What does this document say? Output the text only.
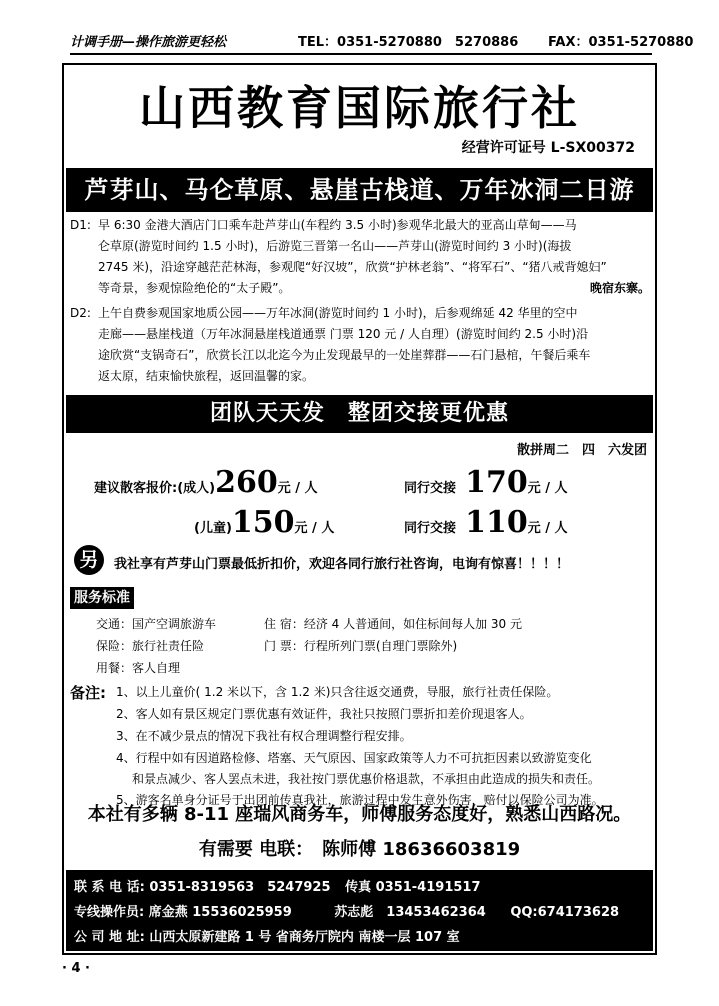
计调手册—操作旅游更轻松	TEL：0351-5270880　5270886 FAX：0351-5270880
山西教育国际旅行社
经营许可证号 L-SX00372
芦芽山、马仑草原、悬崖古栈道、万年冰洞二日游
D1: 早 6:30 金港大酒店门口乘车赴芦芽山(车程约 3.5 小时)参观华北最大的亚高山草甸——马
仑草原(游览时间约 1.5 小时)，后游览三晋第一名山——芦芽山(游览时间约 3 小时)(海拔
2745 米)，沿途穿越茫茫林海，参观爬“好汉坡”，欣赏“护林老翁”、“将军石”、“猪八戒背媳妇”
等奇景，参观惊险绝伦的“太子殿”。	晚宿东寨。
D2: 上午自费参观国家地质公园——万年冰洞(游览时间约 1 小时)，后参观绵延 42 华里的空中
走廊——悬崖栈道（万年冰洞悬崖栈道通票 门票 120 元 / 人自理）(游览时间约 2.5 小时)沿
途欣赏“支锅奇石”，欣赏长江以北迄今为止发现最早的一处崖葬群——石门悬棺，午餐后乘车
返太原，结束愉快旅程，返回温馨的家。
团队天天发　整团交接更优惠
散拼周二　四　六发团
建议散客报价:(成人)260元 / 人	同行交接 170元 / 人
(儿童)150元 / 人	同行交接 110元 / 人
另	我社享有芦芽山门票最低折扣价，欢迎各同行旅行社咨询，电询有惊喜！！！！
服务标准
交通：国产空调旅游车	住 宿：经济 4 人普通间，如住标间每人加 30 元
保险：旅行社责任险	门 票：行程所列门票(自理门票除外)
用餐：客人自理
备注: 1、以上儿童价( 1.2 米以下，含 1.2 米)只含往返交通费，导服，旅行社责任保险。
2、客人如有景区规定门票优惠有效证件，我社只按照门票折扣差价现退客人。
3、在不减少景点的情况下我社有权合理调整行程安排。
4、行程中如有因道路检修、塔塞、天气原因、国家政策等人力不可抗拒因素以致游览变化
和景点减少、客人罢点未进，我社按门票优惠价格退款，不承担由此造成的损失和责任。
5、游客名单身分证号于出团前传真我社，旅游过程中发生意外伤害，赔付以保险公司为准。
本社有多辆 8-11 座瑞风商务车，师傅服务态度好，熟悉山西路况。
有需要 电联：　陈师傅 18636603819
联 系 电 话: 0351-8319563　5247925 传真 0351-4191517
专线操作员: 席金燕 15536025959	苏志彪　13453462364 QQ:674173628
公 司 地 址: 山西太原新建路 1 号 省商务厅院内 南楼一层 107 室
· 4 ·
